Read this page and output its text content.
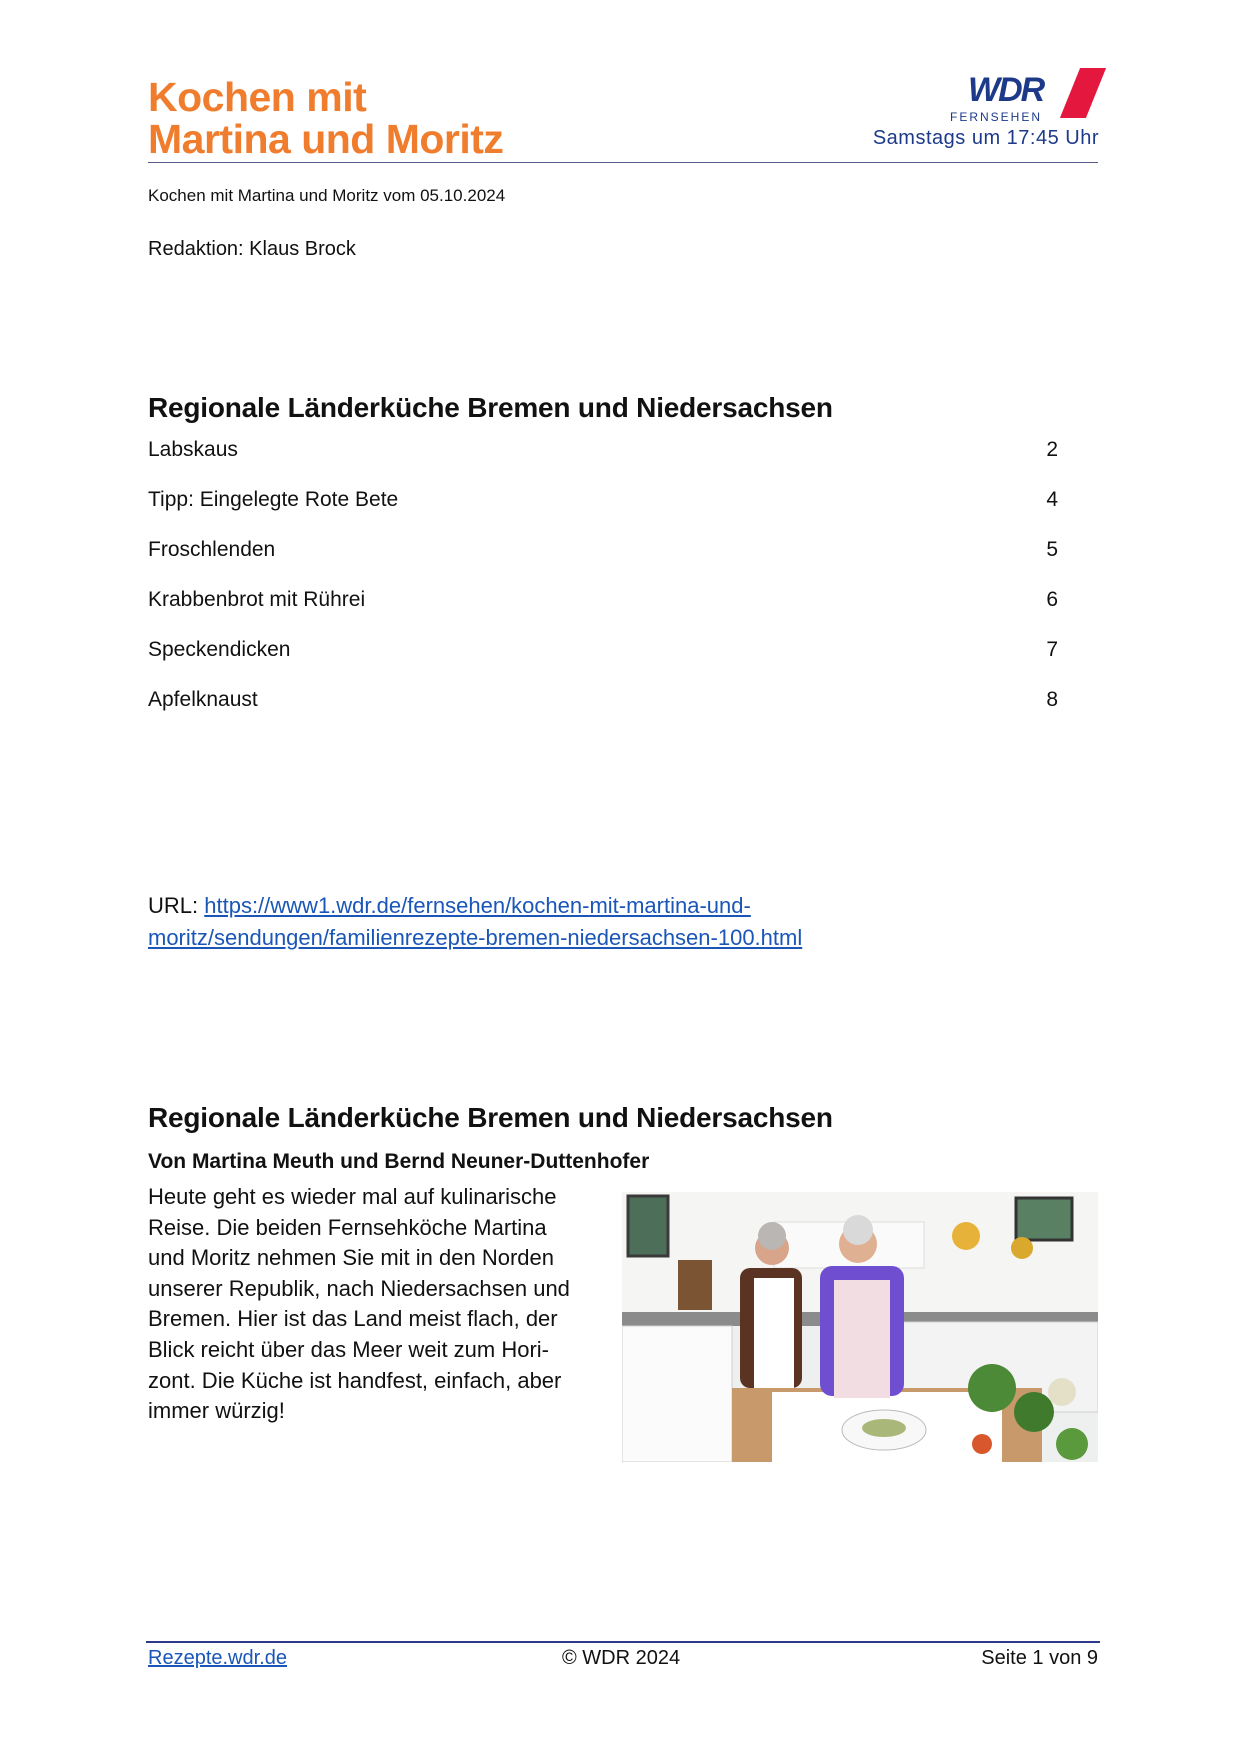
Kochen mit
Martina und Moritz
WDR
FERNSEHEN
Samstags um 17:45 Uhr
Kochen mit Martina und Moritz vom 05.10.2024
Redaktion: Klaus Brock
Regionale Länderküche Bremen und Niedersachsen
Labskaus	2
Tipp: Eingelegte Rote Bete	4
Froschlenden	5
Krabbenbrot mit Rührei	6
Speckendicken	7
Apfelknaust	8
URL: https://www1.wdr.de/fernsehen/kochen-mit-martina-und-
moritz/sendungen/familienrezepte-bremen-niedersachsen-100.html
Regionale Länderküche Bremen und Niedersachsen
Von Martina Meuth und Bernd Neuner-Duttenhofer
Heute geht es wieder mal auf kulinarische
Reise. Die beiden Fernsehköche Martina
und Moritz nehmen Sie mit in den Norden
unserer Republik, nach Niedersachsen und
Bremen. Hier ist das Land meist flach, der
Blick reicht über das Meer weit zum Hori-
zont. Die Küche ist handfest, einfach, aber
immer würzig!
Rezepte.wdr.de	© WDR 2024	Seite 1 von 9
